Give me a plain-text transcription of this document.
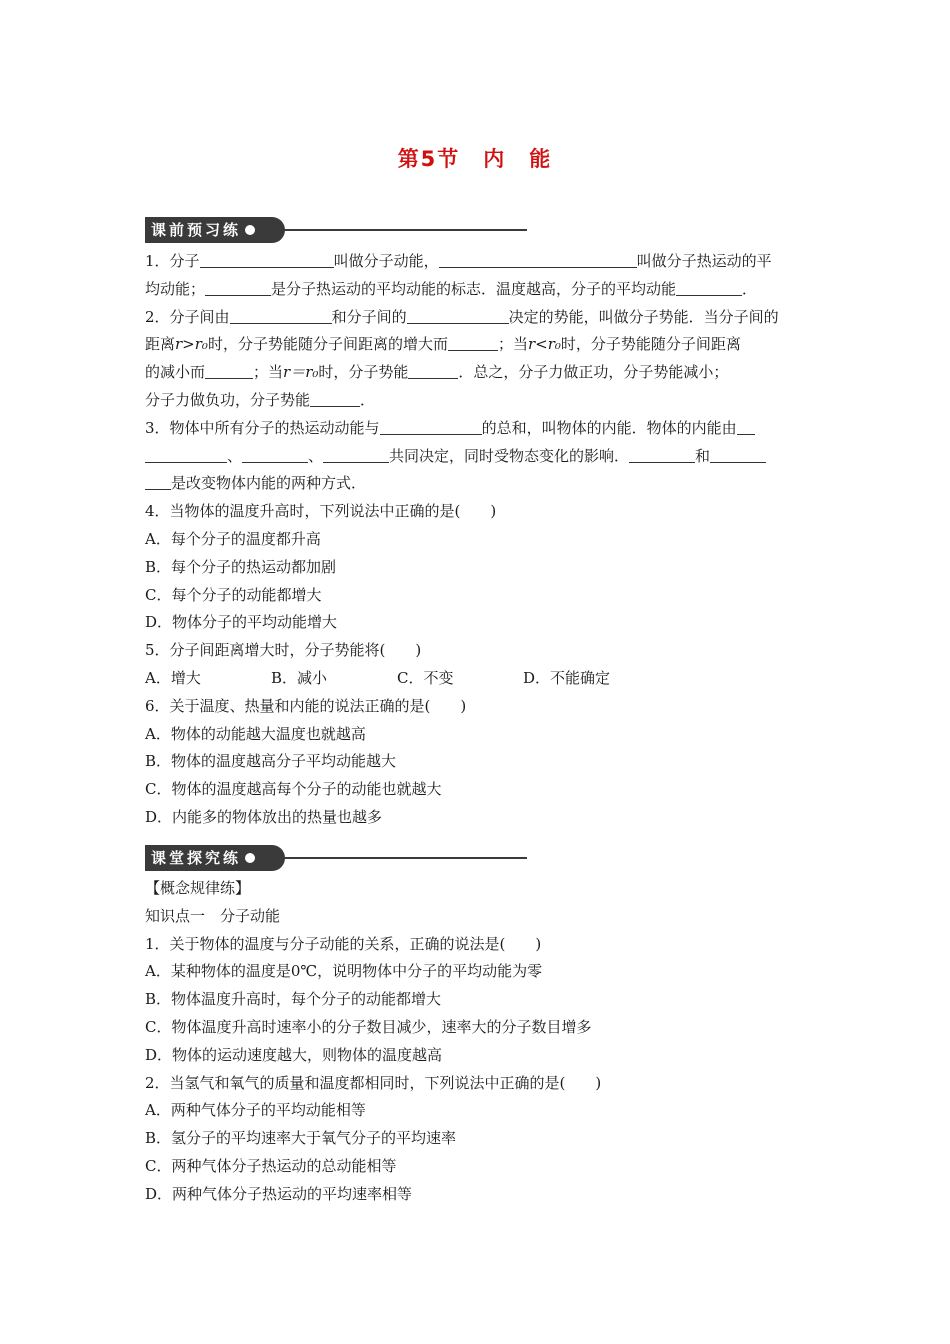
第5节　内　能
课前预习练
1．分子	叫做分子动能，	叫做分子热运动的平
均动能；	是分子热运动的平均动能的标志．温度越高，分子的平均动能	．
2．分子间由	和分子间的	决定的势能，叫做分子势能．当分子间的
距离r>r₀时，分子势能随分子间距离的增大而	；当r<r₀时，分子势能随分子间距离
的减小而	；当r＝r₀时，分子势能	．总之，分子力做正功，分子势能减小；
分子力做负功，分子势能	．
3．物体中所有分子的热运动动能与	的总和，叫物体的内能．物体的内能由
、	、	共同决定，同时受物态变化的影响．	和
是改变物体内能的两种方式．
4．当物体的温度升高时，下列说法中正确的是(　　)
A．每个分子的温度都升高
B．每个分子的热运动都加剧
C．每个分子的动能都增大
D．物体分子的平均动能增大
5．分子间距离增大时，分子势能将(　　)
A．增大	B．减小	C．不变	D．不能确定
6．关于温度、热量和内能的说法正确的是(　　)
A．物体的动能越大温度也就越高
B．物体的温度越高分子平均动能越大
C．物体的温度越高每个分子的动能也就越大
D．内能多的物体放出的热量也越多
课堂探究练
【概念规律练】
知识点一　分子动能
1．关于物体的温度与分子动能的关系，正确的说法是(　　)
A．某种物体的温度是0℃，说明物体中分子的平均动能为零
B．物体温度升高时，每个分子的动能都增大
C．物体温度升高时速率小的分子数目减少，速率大的分子数目增多
D．物体的运动速度越大，则物体的温度越高
2．当氢气和氧气的质量和温度都相同时，下列说法中正确的是(　　)
A．两种气体分子的平均动能相等
B．氢分子的平均速率大于氧气分子的平均速率
C．两种气体分子热运动的总动能相等
D．两种气体分子热运动的平均速率相等
